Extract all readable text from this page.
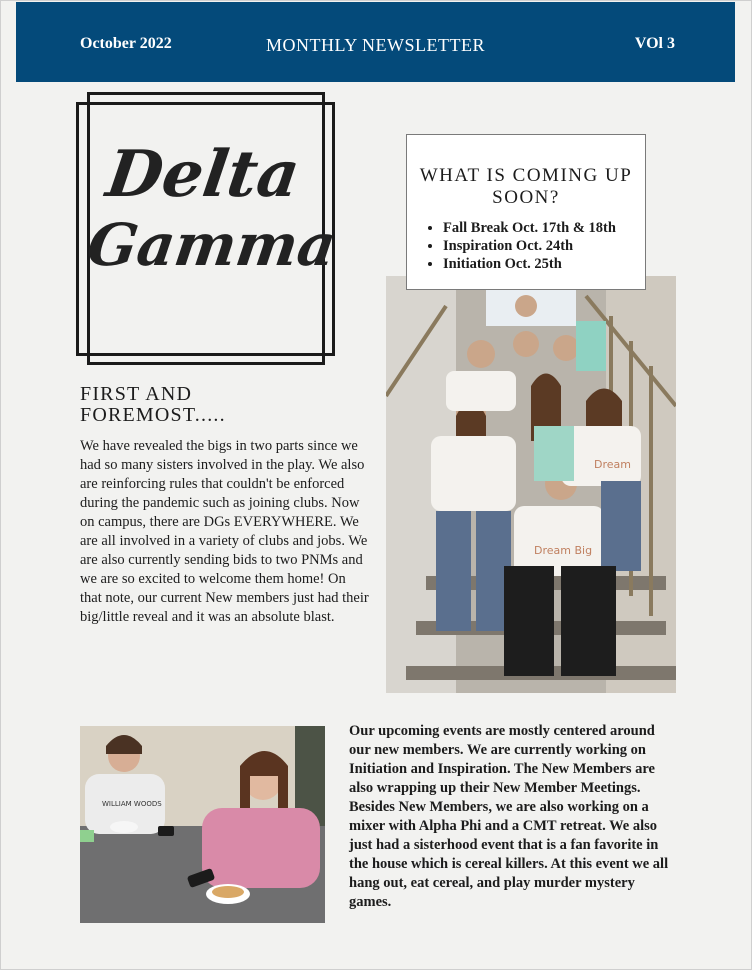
October 2022	MONTHLY NEWSLETTER	VOl 3
Delta
Gamma
Dream
Dream Big
WHAT IS COMING UP SOON?
• Fall Break Oct. 17th & 18th
• Inspiration Oct. 24th
• Initiation Oct. 25th
FIRST AND FOREMOST.....

We have revealed the bigs in two parts since we had so many sisters involved in the play. We also are reinforcing rules that couldn't be enforced during the pandemic such as joining clubs. Now on campus, there are DGs EVERYWHERE. We are all involved in a variety of clubs and jobs. We are also currently sending bids to two PNMs and we are so excited to welcome them home! On that note, our current New members just had their big/little reveal and it was an absolute blast.

WILLIAM WOODS

Our upcoming events are mostly centered around our new members. We are currently working on Initiation and Inspiration. The New Members are also wrapping up their New Member Meetings. Besides New Members, we are also working on a mixer with Alpha Phi and a CMT retreat. We also just had a sisterhood event that is a fan favorite in the house which is cereal killers. At this event we all hang out, eat cereal, and play murder mystery games.
